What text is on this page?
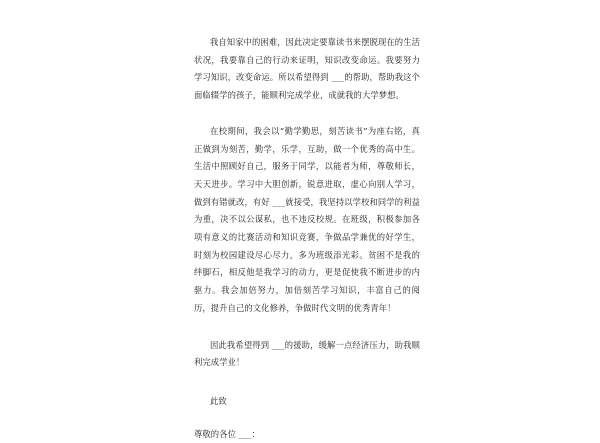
我自知家中的困难，因此决定要靠读书来摆脱现在的生活状况，我要靠自己的行动来证明，知识改变命运。我要努力学习知识，改变命运。所以希望得到 ___的帮助，帮助我这个面临辍学的孩子，能顺利完成学业，成就我的大学梦想。

在校期间，我会以“勤学勤思，刻苦读书”为座右铭，真正做到为刻苦，勤学，乐学，互助，做一个优秀的高中生。生活中照顾好自己，服务于同学，以能者为师，尊敬师长，天天进步。学习中大胆创新，锐意进取，虚心向别人学习，做到有错就改，有好 ___就接受，我坚持以学校和同学的利益为重，决不以公谋私，也不违反校规。在班级，积极参加各项有意义的比赛活动和知识竞赛，争做品学兼优的好学生，时刻为校园建设尽心尽力，多为班级添光彩。贫困不是我的绊脚石，相反他是我学习的动力，更是促使我不断进步的内驱力。我会加倍努力，加倍刻苦学习知识，丰富自己的阅历，提升自己的文化修养，争做时代文明的优秀青年！

因此我希望得到 ___的援助，缓解一点经济压力，助我顺利完成学业！

此致

尊敬的各位 ___：
